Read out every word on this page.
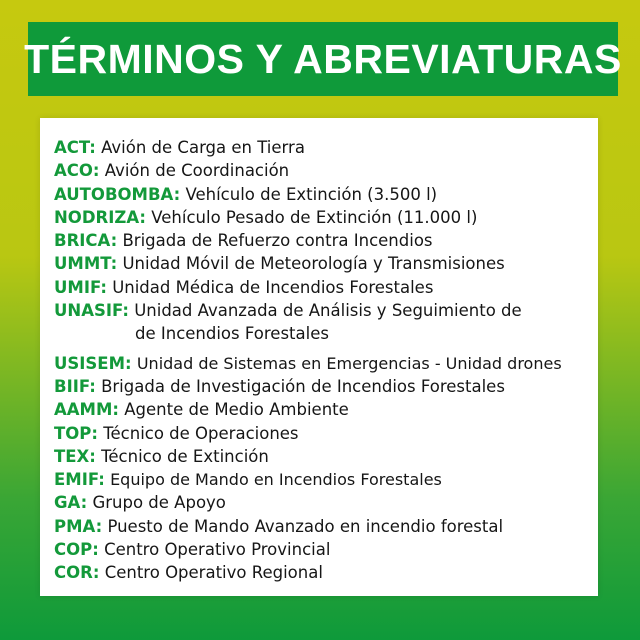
TÉRMINOS Y ABREVIATURAS
ACT: Avión de Carga en Tierra
ACO: Avión de Coordinación
AUTOBOMBA: Vehículo de Extinción (3.500 l)
NODRIZA: Vehículo Pesado de Extinción (11.000 l)
BRICA: Brigada de Refuerzo contra Incendios
UMMT: Unidad Móvil de Meteorología y Transmisiones
UMIF: Unidad Médica de Incendios Forestales
UNASIF: Unidad Avanzada de Análisis y Seguimiento de
de Incendios Forestales
USISEM: Unidad de Sistemas en Emergencias - Unidad drones
BIIF: Brigada de Investigación de Incendios Forestales
AAMM: Agente de Medio Ambiente
TOP: Técnico de Operaciones
TEX: Técnico de Extinción
EMIF: Equipo de Mando en Incendios Forestales
GA: Grupo de Apoyo
PMA: Puesto de Mando Avanzado en incendio forestal
COP: Centro Operativo Provincial
COR: Centro Operativo Regional
